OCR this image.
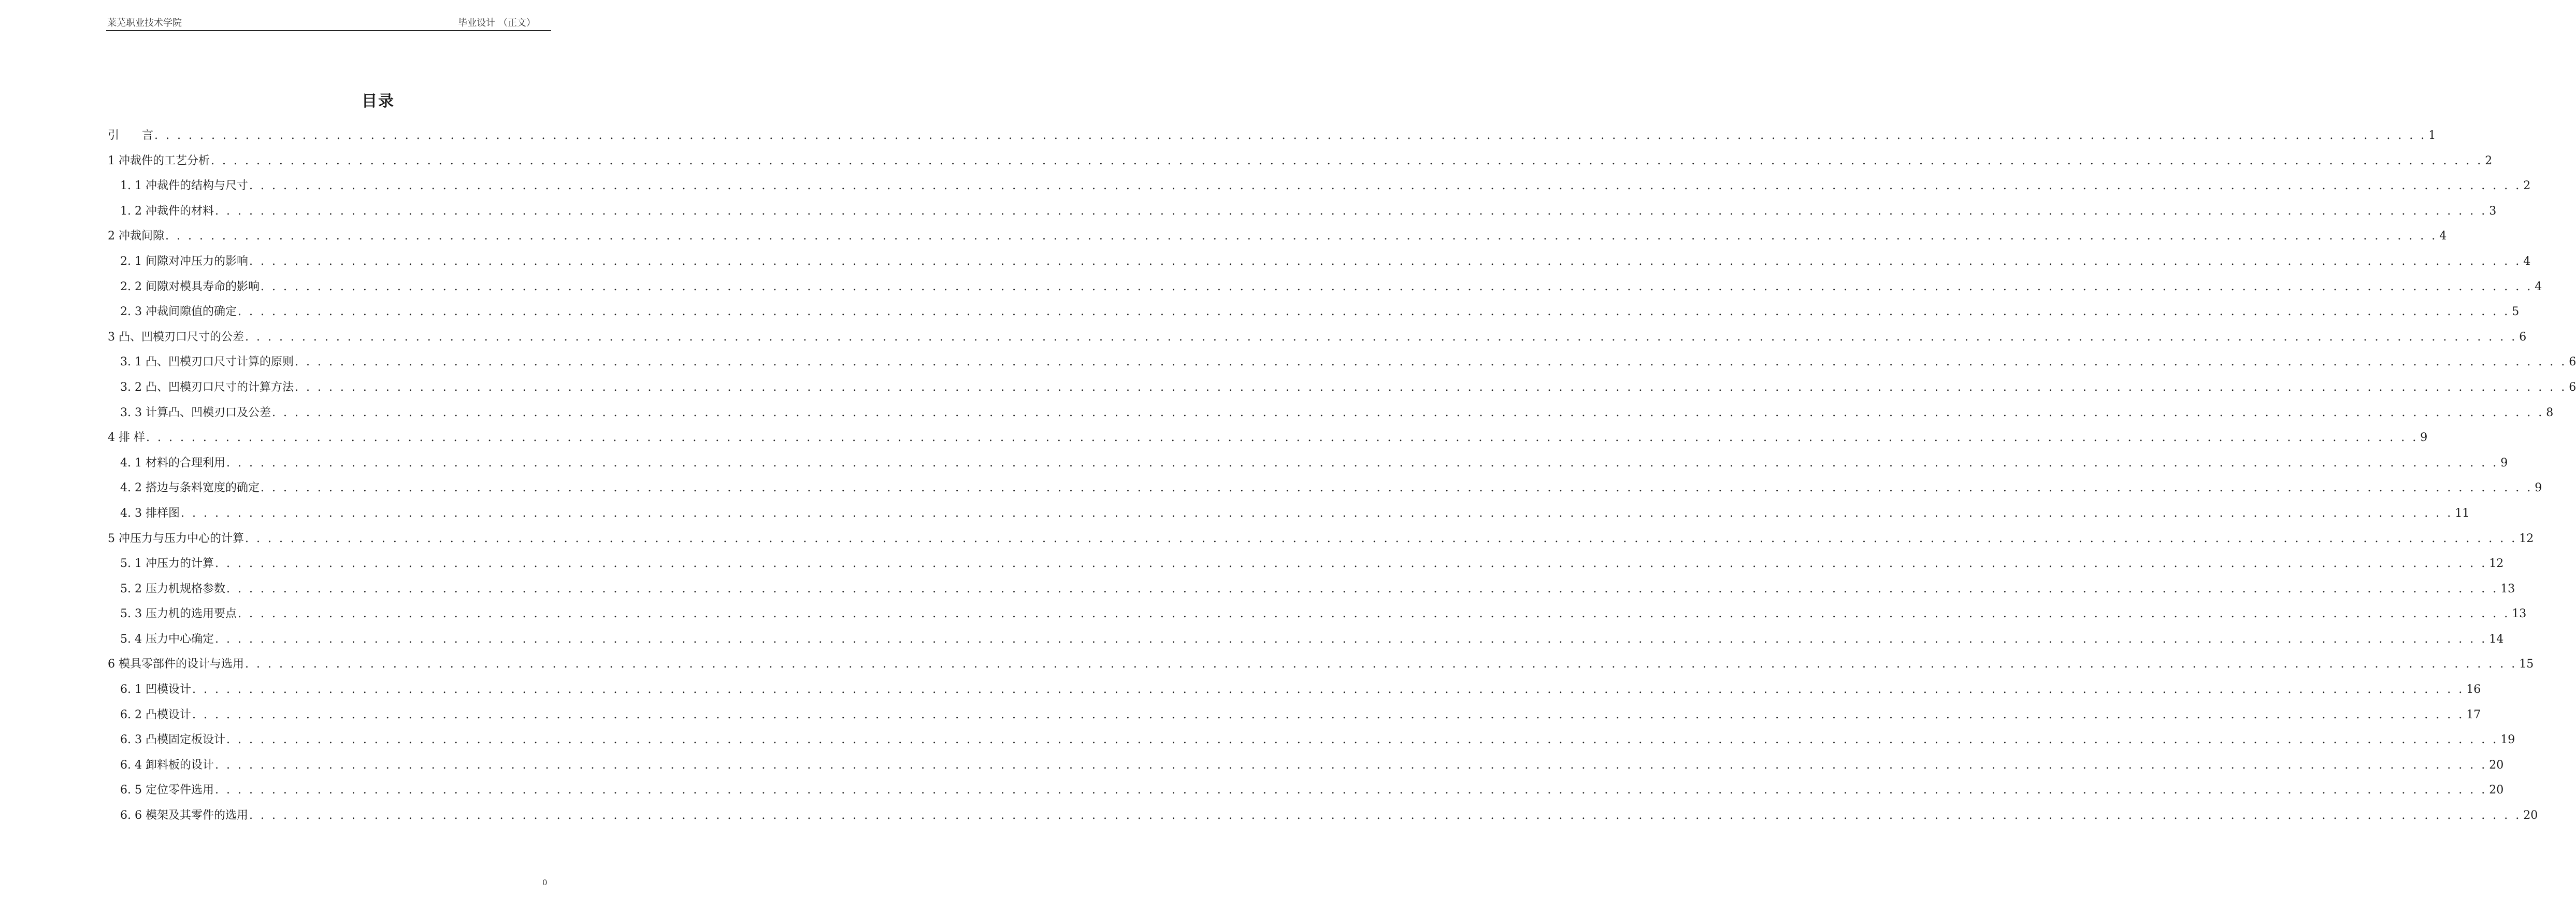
莱芜职业技术学院	毕业设计 （正文）
目录
引　　言 . . . . . . . . . . . . . . . . . . . . . . . . . . . . . . . . . . . . . . . . . . . . . . . . . . . . . . . . . . . . . . . . . . . . . . . . . . . . . . . . . . . . . . . . . . . . . . . . . . . . . . . . . . . . . . . . . . . . . . . . . . . . . . . . . . . . . . . . . . . . . . . . . . . . . . . . . . . . . . . . . . . . . . . . . . . . . . . . . . . . . . . . . . . . . . . . . . . . . . . . 1
1 冲裁件的工艺分析 . . . . . . . . . . . . . . . . . . . . . . . . . . . . . . . . . . . . . . . . . . . . . . . . . . . . . . . . . . . . . . . . . . . . . . . . . . . . . . . . . . . . . . . . . . . . . . . . . . . . . . . . . . . . . . . . . . . . . . . . . . . . . . . . . . . . . . . . . . . . . . . . . . . . . . . . . . . . . . . . . . . . . . . . . . . . . . . . . . . . . . . . . . . . . . . . . . . . . . . . 2
1. 1 冲裁件的结构与尺寸 . . . . . . . . . . . . . . . . . . . . . . . . . . . . . . . . . . . . . . . . . . . . . . . . . . . . . . . . . . . . . . . . . . . . . . . . . . . . . . . . . . . . . . . . . . . . . . . . . . . . . . . . . . . . . . . . . . . . . . . . . . . . . . . . . . . . . . . . . . . . . . . . . . . . . . . . . . . . . . . . . . . . . . . . . . . . . . . . . . . . . . . . . . . . . . . . . . . . . . . . 2
1. 2 冲裁件的材料 . . . . . . . . . . . . . . . . . . . . . . . . . . . . . . . . . . . . . . . . . . . . . . . . . . . . . . . . . . . . . . . . . . . . . . . . . . . . . . . . . . . . . . . . . . . . . . . . . . . . . . . . . . . . . . . . . . . . . . . . . . . . . . . . . . . . . . . . . . . . . . . . . . . . . . . . . . . . . . . . . . . . . . . . . . . . . . . . . . . . . . . . . . . . . . . . . . . . . . . . 3
2 冲裁间隙 . . . . . . . . . . . . . . . . . . . . . . . . . . . . . . . . . . . . . . . . . . . . . . . . . . . . . . . . . . . . . . . . . . . . . . . . . . . . . . . . . . . . . . . . . . . . . . . . . . . . . . . . . . . . . . . . . . . . . . . . . . . . . . . . . . . . . . . . . . . . . . . . . . . . . . . . . . . . . . . . . . . . . . . . . . . . . . . . . . . . . . . . . . . . . . . . . . . . . . . . 4
2. 1 间隙对冲压力的影响 . . . . . . . . . . . . . . . . . . . . . . . . . . . . . . . . . . . . . . . . . . . . . . . . . . . . . . . . . . . . . . . . . . . . . . . . . . . . . . . . . . . . . . . . . . . . . . . . . . . . . . . . . . . . . . . . . . . . . . . . . . . . . . . . . . . . . . . . . . . . . . . . . . . . . . . . . . . . . . . . . . . . . . . . . . . . . . . . . . . . . . . . . . . . . . . . . . . . . . . . 4
2. 2 间隙对模具寿命的影响 . . . . . . . . . . . . . . . . . . . . . . . . . . . . . . . . . . . . . . . . . . . . . . . . . . . . . . . . . . . . . . . . . . . . . . . . . . . . . . . . . . . . . . . . . . . . . . . . . . . . . . . . . . . . . . . . . . . . . . . . . . . . . . . . . . . . . . . . . . . . . . . . . . . . . . . . . . . . . . . . . . . . . . . . . . . . . . . . . . . . . . . . . . . . . . . . . . . . . . . . 4
2. 3 冲裁间隙值的确定 . . . . . . . . . . . . . . . . . . . . . . . . . . . . . . . . . . . . . . . . . . . . . . . . . . . . . . . . . . . . . . . . . . . . . . . . . . . . . . . . . . . . . . . . . . . . . . . . . . . . . . . . . . . . . . . . . . . . . . . . . . . . . . . . . . . . . . . . . . . . . . . . . . . . . . . . . . . . . . . . . . . . . . . . . . . . . . . . . . . . . . . . . . . . . . . . . . . . . . . . 5
3 凸、凹模刃口尺寸的公差 . . . . . . . . . . . . . . . . . . . . . . . . . . . . . . . . . . . . . . . . . . . . . . . . . . . . . . . . . . . . . . . . . . . . . . . . . . . . . . . . . . . . . . . . . . . . . . . . . . . . . . . . . . . . . . . . . . . . . . . . . . . . . . . . . . . . . . . . . . . . . . . . . . . . . . . . . . . . . . . . . . . . . . . . . . . . . . . . . . . . . . . . . . . . . . . . . . . . . . . . 6
3. 1 凸、凹模刃口尺寸计算的原则 . . . . . . . . . . . . . . . . . . . . . . . . . . . . . . . . . . . . . . . . . . . . . . . . . . . . . . . . . . . . . . . . . . . . . . . . . . . . . . . . . . . . . . . . . . . . . . . . . . . . . . . . . . . . . . . . . . . . . . . . . . . . . . . . . . . . . . . . . . . . . . . . . . . . . . . . . . . . . . . . . . . . . . . . . . . . . . . . . . . . . . . . . . . . . . . . . . . . . . . . 6
3. 2 凸、凹模刃口尺寸的计算方法 . . . . . . . . . . . . . . . . . . . . . . . . . . . . . . . . . . . . . . . . . . . . . . . . . . . . . . . . . . . . . . . . . . . . . . . . . . . . . . . . . . . . . . . . . . . . . . . . . . . . . . . . . . . . . . . . . . . . . . . . . . . . . . . . . . . . . . . . . . . . . . . . . . . . . . . . . . . . . . . . . . . . . . . . . . . . . . . . . . . . . . . . . . . . . . . . . . . . . . . . 6
3. 3 计算凸、凹模刃口及公差 . . . . . . . . . . . . . . . . . . . . . . . . . . . . . . . . . . . . . . . . . . . . . . . . . . . . . . . . . . . . . . . . . . . . . . . . . . . . . . . . . . . . . . . . . . . . . . . . . . . . . . . . . . . . . . . . . . . . . . . . . . . . . . . . . . . . . . . . . . . . . . . . . . . . . . . . . . . . . . . . . . . . . . . . . . . . . . . . . . . . . . . . . . . . . . . . . . . . . . . . 8
4 排 样 . . . . . . . . . . . . . . . . . . . . . . . . . . . . . . . . . . . . . . . . . . . . . . . . . . . . . . . . . . . . . . . . . . . . . . . . . . . . . . . . . . . . . . . . . . . . . . . . . . . . . . . . . . . . . . . . . . . . . . . . . . . . . . . . . . . . . . . . . . . . . . . . . . . . . . . . . . . . . . . . . . . . . . . . . . . . . . . . . . . . . . . . . . . . . . . . . . . . . . . . 9
4. 1 材料的合理利用 . . . . . . . . . . . . . . . . . . . . . . . . . . . . . . . . . . . . . . . . . . . . . . . . . . . . . . . . . . . . . . . . . . . . . . . . . . . . . . . . . . . . . . . . . . . . . . . . . . . . . . . . . . . . . . . . . . . . . . . . . . . . . . . . . . . . . . . . . . . . . . . . . . . . . . . . . . . . . . . . . . . . . . . . . . . . . . . . . . . . . . . . . . . . . . . . . . . . . . . . 9
4. 2 搭边与条料宽度的确定 . . . . . . . . . . . . . . . . . . . . . . . . . . . . . . . . . . . . . . . . . . . . . . . . . . . . . . . . . . . . . . . . . . . . . . . . . . . . . . . . . . . . . . . . . . . . . . . . . . . . . . . . . . . . . . . . . . . . . . . . . . . . . . . . . . . . . . . . . . . . . . . . . . . . . . . . . . . . . . . . . . . . . . . . . . . . . . . . . . . . . . . . . . . . . . . . . . . . . . . . 9
4. 3 排样图 . . . . . . . . . . . . . . . . . . . . . . . . . . . . . . . . . . . . . . . . . . . . . . . . . . . . . . . . . . . . . . . . . . . . . . . . . . . . . . . . . . . . . . . . . . . . . . . . . . . . . . . . . . . . . . . . . . . . . . . . . . . . . . . . . . . . . . . . . . . . . . . . . . . . . . . . . . . . . . . . . . . . . . . . . . . . . . . . . . . . . . . . . . . . . . . . . . . . . . . . 11
5 冲压力与压力中心的计算 . . . . . . . . . . . . . . . . . . . . . . . . . . . . . . . . . . . . . . . . . . . . . . . . . . . . . . . . . . . . . . . . . . . . . . . . . . . . . . . . . . . . . . . . . . . . . . . . . . . . . . . . . . . . . . . . . . . . . . . . . . . . . . . . . . . . . . . . . . . . . . . . . . . . . . . . . . . . . . . . . . . . . . . . . . . . . . . . . . . . . . . . . . . . . . . . . . . . . . . . 12
5. 1 冲压力的计算 . . . . . . . . . . . . . . . . . . . . . . . . . . . . . . . . . . . . . . . . . . . . . . . . . . . . . . . . . . . . . . . . . . . . . . . . . . . . . . . . . . . . . . . . . . . . . . . . . . . . . . . . . . . . . . . . . . . . . . . . . . . . . . . . . . . . . . . . . . . . . . . . . . . . . . . . . . . . . . . . . . . . . . . . . . . . . . . . . . . . . . . . . . . . . . . . . . . . . . . . 12
5. 2 压力机规格参数 . . . . . . . . . . . . . . . . . . . . . . . . . . . . . . . . . . . . . . . . . . . . . . . . . . . . . . . . . . . . . . . . . . . . . . . . . . . . . . . . . . . . . . . . . . . . . . . . . . . . . . . . . . . . . . . . . . . . . . . . . . . . . . . . . . . . . . . . . . . . . . . . . . . . . . . . . . . . . . . . . . . . . . . . . . . . . . . . . . . . . . . . . . . . . . . . . . . . . . . . 13
5. 3 压力机的选用要点 . . . . . . . . . . . . . . . . . . . . . . . . . . . . . . . . . . . . . . . . . . . . . . . . . . . . . . . . . . . . . . . . . . . . . . . . . . . . . . . . . . . . . . . . . . . . . . . . . . . . . . . . . . . . . . . . . . . . . . . . . . . . . . . . . . . . . . . . . . . . . . . . . . . . . . . . . . . . . . . . . . . . . . . . . . . . . . . . . . . . . . . . . . . . . . . . . . . . . . . . 13
5. 4 压力中心确定 . . . . . . . . . . . . . . . . . . . . . . . . . . . . . . . . . . . . . . . . . . . . . . . . . . . . . . . . . . . . . . . . . . . . . . . . . . . . . . . . . . . . . . . . . . . . . . . . . . . . . . . . . . . . . . . . . . . . . . . . . . . . . . . . . . . . . . . . . . . . . . . . . . . . . . . . . . . . . . . . . . . . . . . . . . . . . . . . . . . . . . . . . . . . . . . . . . . . . . . . 14
6 模具零部件的设计与选用 . . . . . . . . . . . . . . . . . . . . . . . . . . . . . . . . . . . . . . . . . . . . . . . . . . . . . . . . . . . . . . . . . . . . . . . . . . . . . . . . . . . . . . . . . . . . . . . . . . . . . . . . . . . . . . . . . . . . . . . . . . . . . . . . . . . . . . . . . . . . . . . . . . . . . . . . . . . . . . . . . . . . . . . . . . . . . . . . . . . . . . . . . . . . . . . . . . . . . . . . 15
6. 1 凹模设计 . . . . . . . . . . . . . . . . . . . . . . . . . . . . . . . . . . . . . . . . . . . . . . . . . . . . . . . . . . . . . . . . . . . . . . . . . . . . . . . . . . . . . . . . . . . . . . . . . . . . . . . . . . . . . . . . . . . . . . . . . . . . . . . . . . . . . . . . . . . . . . . . . . . . . . . . . . . . . . . . . . . . . . . . . . . . . . . . . . . . . . . . . . . . . . . . . . . . . . . . 16
6. 2 凸模设计 . . . . . . . . . . . . . . . . . . . . . . . . . . . . . . . . . . . . . . . . . . . . . . . . . . . . . . . . . . . . . . . . . . . . . . . . . . . . . . . . . . . . . . . . . . . . . . . . . . . . . . . . . . . . . . . . . . . . . . . . . . . . . . . . . . . . . . . . . . . . . . . . . . . . . . . . . . . . . . . . . . . . . . . . . . . . . . . . . . . . . . . . . . . . . . . . . . . . . . . . 17
6. 3 凸模固定板设计 . . . . . . . . . . . . . . . . . . . . . . . . . . . . . . . . . . . . . . . . . . . . . . . . . . . . . . . . . . . . . . . . . . . . . . . . . . . . . . . . . . . . . . . . . . . . . . . . . . . . . . . . . . . . . . . . . . . . . . . . . . . . . . . . . . . . . . . . . . . . . . . . . . . . . . . . . . . . . . . . . . . . . . . . . . . . . . . . . . . . . . . . . . . . . . . . . . . . . . . . 19
6. 4 卸料板的设计 . . . . . . . . . . . . . . . . . . . . . . . . . . . . . . . . . . . . . . . . . . . . . . . . . . . . . . . . . . . . . . . . . . . . . . . . . . . . . . . . . . . . . . . . . . . . . . . . . . . . . . . . . . . . . . . . . . . . . . . . . . . . . . . . . . . . . . . . . . . . . . . . . . . . . . . . . . . . . . . . . . . . . . . . . . . . . . . . . . . . . . . . . . . . . . . . . . . . . . . . 20
6. 5 定位零件选用 . . . . . . . . . . . . . . . . . . . . . . . . . . . . . . . . . . . . . . . . . . . . . . . . . . . . . . . . . . . . . . . . . . . . . . . . . . . . . . . . . . . . . . . . . . . . . . . . . . . . . . . . . . . . . . . . . . . . . . . . . . . . . . . . . . . . . . . . . . . . . . . . . . . . . . . . . . . . . . . . . . . . . . . . . . . . . . . . . . . . . . . . . . . . . . . . . . . . . . . . 20
6. 6 模架及其零件的选用 . . . . . . . . . . . . . . . . . . . . . . . . . . . . . . . . . . . . . . . . . . . . . . . . . . . . . . . . . . . . . . . . . . . . . . . . . . . . . . . . . . . . . . . . . . . . . . . . . . . . . . . . . . . . . . . . . . . . . . . . . . . . . . . . . . . . . . . . . . . . . . . . . . . . . . . . . . . . . . . . . . . . . . . . . . . . . . . . . . . . . . . . . . . . . . . . . . . . . . . . 20
0
